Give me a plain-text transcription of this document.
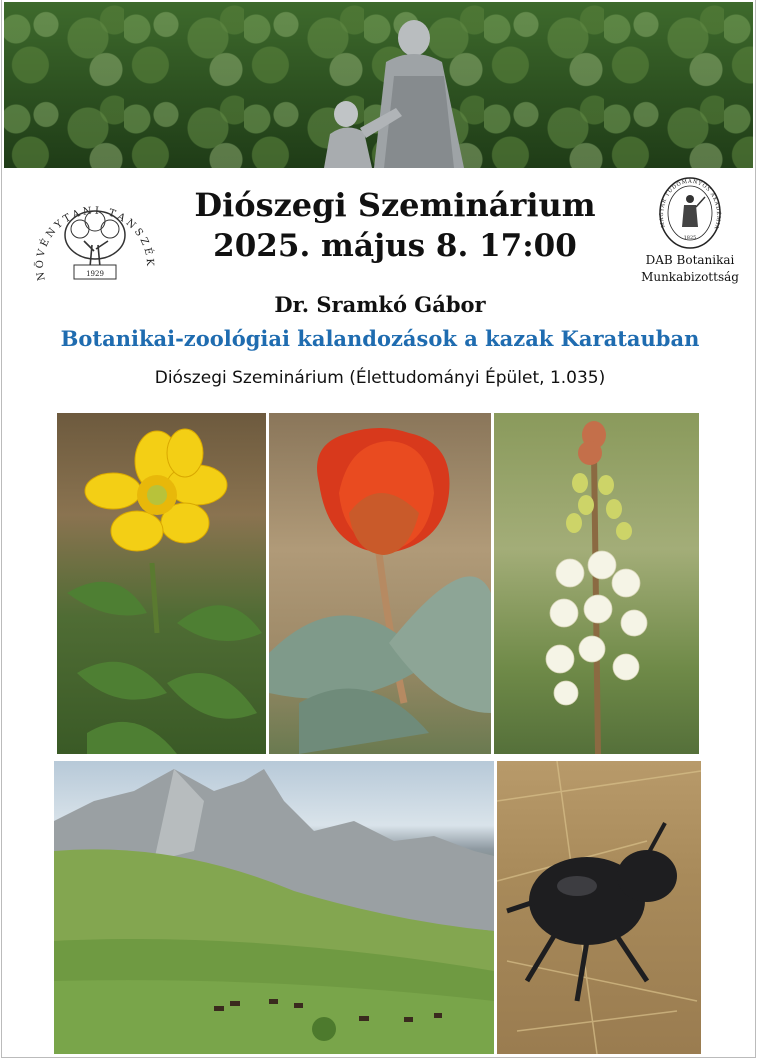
NÖVÉNYTANI TANSZÉK
1929
MAGYAR TUDOMÁNYOS AKADÉMIA
1825
DAB Botanikai
Munkabizottság
Diószegi Szeminárium
2025. május 8. 17:00
Dr. Sramkó Gábor
Botanikai-zoológiai kalandozások a kazak Karatauban
Diószegi Szeminárium (Élettudományi Épület, 1.035)
